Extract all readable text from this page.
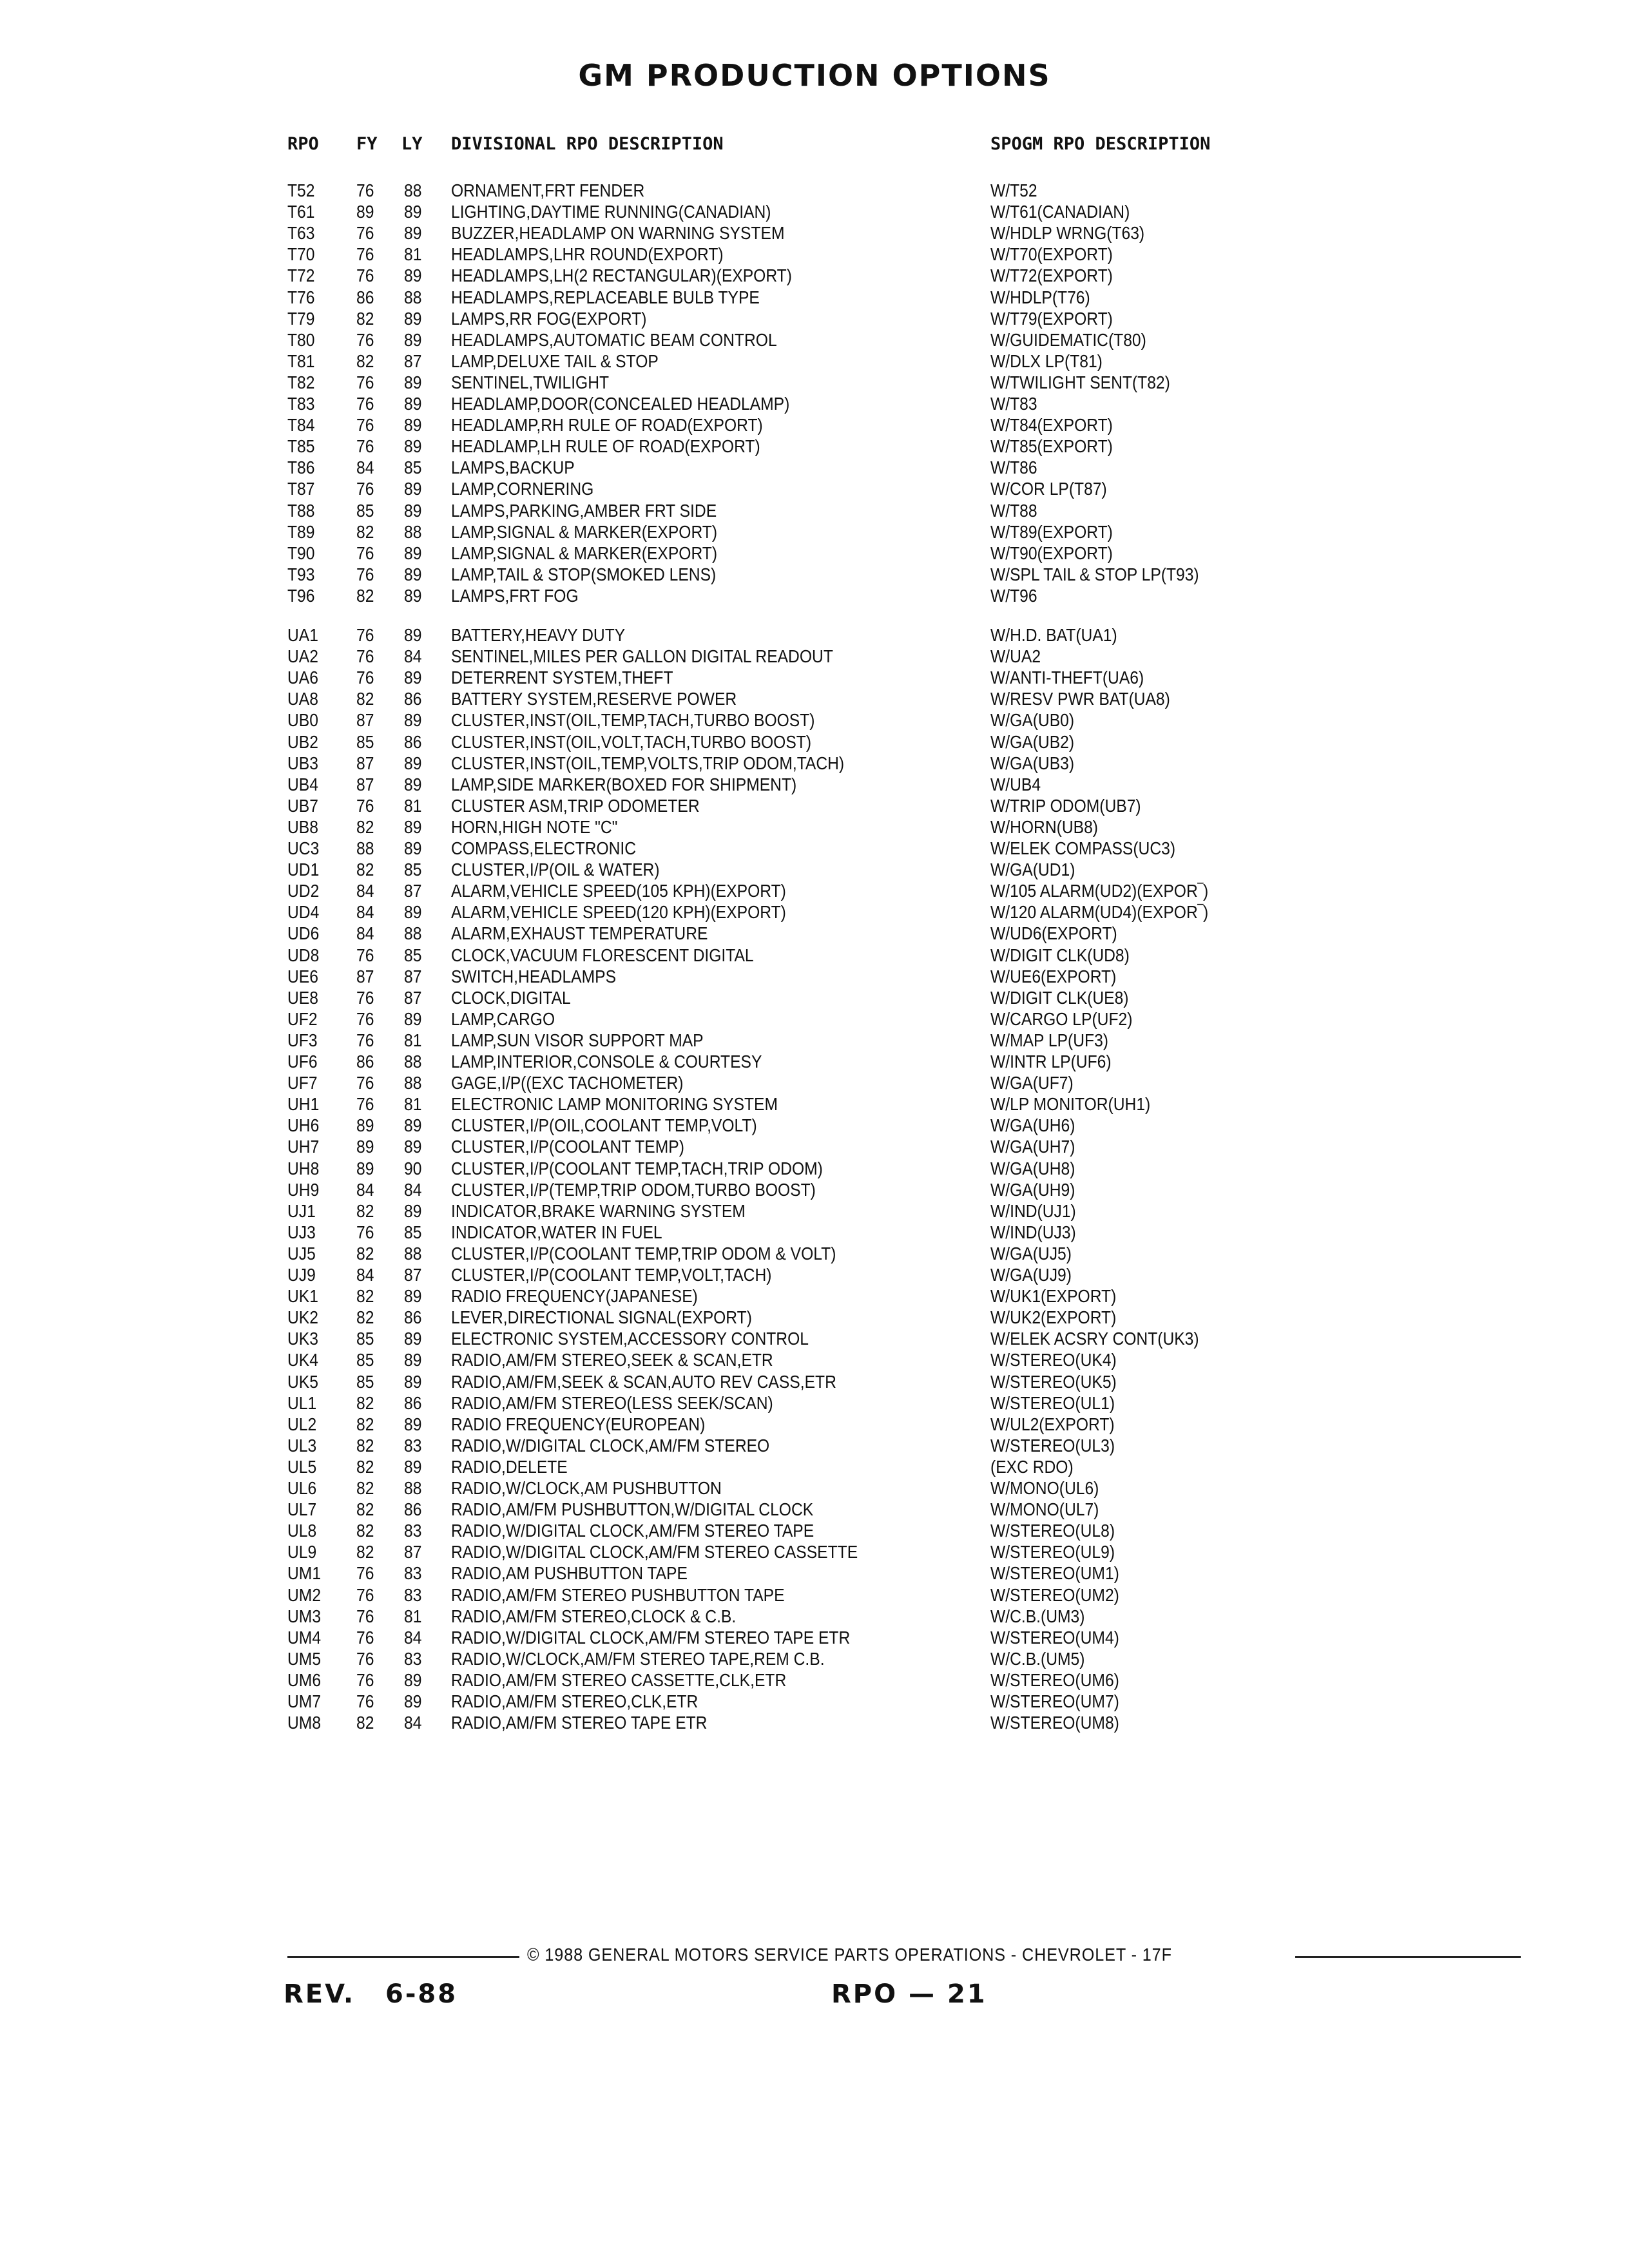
GM PRODUCTION OPTIONS
RPO FY LY DIVISIONAL RPO DESCRIPTION	SPOGM RPO DESCRIPTION
T52 76 88 ORNAMENT,FRT FENDER	W/T52
T61 89 89 LIGHTING,DAYTIME RUNNING(CANADIAN)	W/T61(CANADIAN)
T63 76 89 BUZZER,HEADLAMP ON WARNING SYSTEM	W/HDLP WRNG(T63)
T70 76 81 HEADLAMPS,LHR ROUND(EXPORT)	W/T70(EXPORT)
T72 76 89 HEADLAMPS,LH(2 RECTANGULAR)(EXPORT)	W/T72(EXPORT)
T76 86 88 HEADLAMPS,REPLACEABLE BULB TYPE	W/HDLP(T76)
T79 82 89 LAMPS,RR FOG(EXPORT)	W/T79(EXPORT)
T80 76 89 HEADLAMPS,AUTOMATIC BEAM CONTROL	W/GUIDEMATIC(T80)
T81 82 87 LAMP,DELUXE TAIL & STOP	W/DLX LP(T81)
T82 76 89 SENTINEL,TWILIGHT	W/TWILIGHT SENT(T82)
T83 76 89 HEADLAMP,DOOR(CONCEALED HEADLAMP)	W/T83
T84 76 89 HEADLAMP,RH RULE OF ROAD(EXPORT)	W/T84(EXPORT)
T85 76 89 HEADLAMP,LH RULE OF ROAD(EXPORT)	W/T85(EXPORT)
T86 84 85 LAMPS,BACKUP	W/T86
T87 76 89 LAMP,CORNERING	W/COR LP(T87)
T88 85 89 LAMPS,PARKING,AMBER FRT SIDE	W/T88
T89 82 88 LAMP,SIGNAL & MARKER(EXPORT)	W/T89(EXPORT)
T90 76 89 LAMP,SIGNAL & MARKER(EXPORT)	W/T90(EXPORT)
T93 76 89 LAMP,TAIL & STOP(SMOKED LENS)	W/SPL TAIL & STOP LP(T93)
T96 82 89 LAMPS,FRT FOG	W/T96
UA1 76 89 BATTERY,HEAVY DUTY	W/H.D. BAT(UA1)
UA2 76 84 SENTINEL,MILES PER GALLON DIGITAL READOUT	W/UA2
UA6 76 89 DETERRENT SYSTEM,THEFT	W/ANTI-THEFT(UA6)
UA8 82 86 BATTERY SYSTEM,RESERVE POWER	W/RESV PWR BAT(UA8)
UB0 87 89 CLUSTER,INST(OIL,TEMP,TACH,TURBO BOOST)	W/GA(UB0)
UB2 85 86 CLUSTER,INST(OIL,VOLT,TACH,TURBO BOOST)	W/GA(UB2)
UB3 87 89 CLUSTER,INST(OIL,TEMP,VOLTS,TRIP ODOM,TACH)	W/GA(UB3)
UB4 87 89 LAMP,SIDE MARKER(BOXED FOR SHIPMENT)	W/UB4
UB7 76 81 CLUSTER ASM,TRIP ODOMETER	W/TRIP ODOM(UB7)
UB8 82 89 HORN,HIGH NOTE "C"	W/HORN(UB8)
UC3 88 89 COMPASS,ELECTRONIC	W/ELEK COMPASS(UC3)
UD1 82 85 CLUSTER,I/P(OIL & WATER)	W/GA(UD1)
UD2 84 87 ALARM,VEHICLE SPEED(105 KPH)(EXPORT)	W/105 ALARM(UD2)(EXPOR‾)
UD4 84 89 ALARM,VEHICLE SPEED(120 KPH)(EXPORT)	W/120 ALARM(UD4)(EXPOR‾)
UD6 84 88 ALARM,EXHAUST TEMPERATURE	W/UD6(EXPORT)
UD8 76 85 CLOCK,VACUUM FLORESCENT DIGITAL	W/DIGIT CLK(UD8)
UE6 87 87 SWITCH,HEADLAMPS	W/UE6(EXPORT)
UE8 76 87 CLOCK,DIGITAL	W/DIGIT CLK(UE8)
UF2 76 89 LAMP,CARGO	W/CARGO LP(UF2)
UF3 76 81 LAMP,SUN VISOR SUPPORT MAP	W/MAP LP(UF3)
UF6 86 88 LAMP,INTERIOR,CONSOLE & COURTESY	W/INTR LP(UF6)
UF7 76 88 GAGE,I/P((EXC TACHOMETER)	W/GA(UF7)
UH1 76 81 ELECTRONIC LAMP MONITORING SYSTEM	W/LP MONITOR(UH1)
UH6 89 89 CLUSTER,I/P(OIL,COOLANT TEMP,VOLT)	W/GA(UH6)
UH7 89 89 CLUSTER,I/P(COOLANT TEMP)	W/GA(UH7)
UH8 89 90 CLUSTER,I/P(COOLANT TEMP,TACH,TRIP ODOM)	W/GA(UH8)
UH9 84 84 CLUSTER,I/P(TEMP,TRIP ODOM,TURBO BOOST)	W/GA(UH9)
UJ1 82 89 INDICATOR,BRAKE WARNING SYSTEM	W/IND(UJ1)
UJ3 76 85 INDICATOR,WATER IN FUEL	W/IND(UJ3)
UJ5 82 88 CLUSTER,I/P(COOLANT TEMP,TRIP ODOM & VOLT)	W/GA(UJ5)
UJ9 84 87 CLUSTER,I/P(COOLANT TEMP,VOLT,TACH)	W/GA(UJ9)
UK1 82 89 RADIO FREQUENCY(JAPANESE)	W/UK1(EXPORT)
UK2 82 86 LEVER,DIRECTIONAL SIGNAL(EXPORT)	W/UK2(EXPORT)
UK3 85 89 ELECTRONIC SYSTEM,ACCESSORY CONTROL	W/ELEK ACSRY CONT(UK3)
UK4 85 89 RADIO,AM/FM STEREO,SEEK & SCAN,ETR	W/STEREO(UK4)
UK5 85 89 RADIO,AM/FM,SEEK & SCAN,AUTO REV CASS,ETR	W/STEREO(UK5)
UL1 82 86 RADIO,AM/FM STEREO(LESS SEEK/SCAN)	W/STEREO(UL1)
UL2 82 89 RADIO FREQUENCY(EUROPEAN)	W/UL2(EXPORT)
UL3 82 83 RADIO,W/DIGITAL CLOCK,AM/FM STEREO	W/STEREO(UL3)
UL5 82 89 RADIO,DELETE	(EXC RDO)
UL6 82 88 RADIO,W/CLOCK,AM PUSHBUTTON	W/MONO(UL6)
UL7 82 86 RADIO,AM/FM PUSHBUTTON,W/DIGITAL CLOCK	W/MONO(UL7)
UL8 82 83 RADIO,W/DIGITAL CLOCK,AM/FM STEREO TAPE	W/STEREO(UL8)
UL9 82 87 RADIO,W/DIGITAL CLOCK,AM/FM STEREO CASSETTE	W/STEREO(UL9)
UM1 76 83 RADIO,AM PUSHBUTTON TAPE	W/STEREO(UM1)
UM2 76 83 RADIO,AM/FM STEREO PUSHBUTTON TAPE	W/STEREO(UM2)
UM3 76 81 RADIO,AM/FM STEREO,CLOCK & C.B.	W/C.B.(UM3)
UM4 76 84 RADIO,W/DIGITAL CLOCK,AM/FM STEREO TAPE ETR	W/STEREO(UM4)
UM5 76 83 RADIO,W/CLOCK,AM/FM STEREO TAPE,REM C.B.	W/C.B.(UM5)
UM6 76 89 RADIO,AM/FM STEREO CASSETTE,CLK,ETR	W/STEREO(UM6)
UM7 76 89 RADIO,AM/FM STEREO,CLK,ETR	W/STEREO(UM7)
UM8 82 84 RADIO,AM/FM STEREO TAPE ETR	W/STEREO(UM8)
© 1988 GENERAL MOTORS SERVICE PARTS OPERATIONS - CHEVROLET - 17F
REV. 6-88	RPO — 21
